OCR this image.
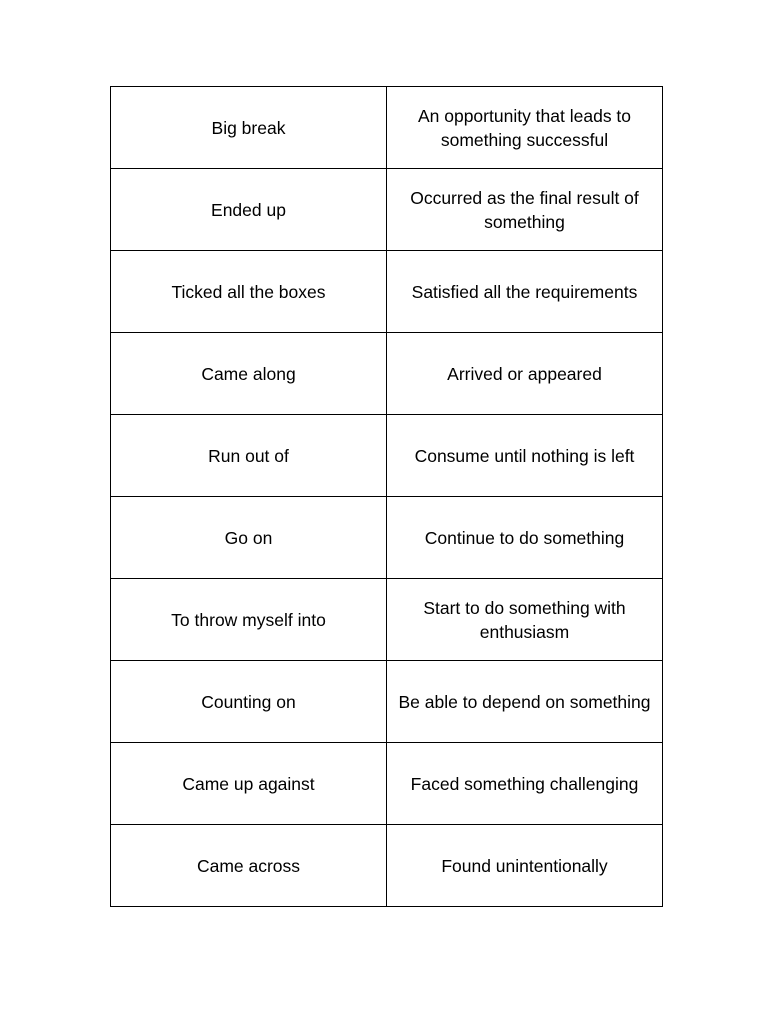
Big break	An opportunity that leads to something successful
Ended up	Occurred as the final result of something
Ticked all the boxes	Satisfied all the requirements
Came along	Arrived or appeared
Run out of	Consume until nothing is left
Go on	Continue to do something
To throw myself into	Start to do something with enthusiasm
Counting on	Be able to depend on something
Came up against	Faced something challenging
Came across	Found unintentionally
